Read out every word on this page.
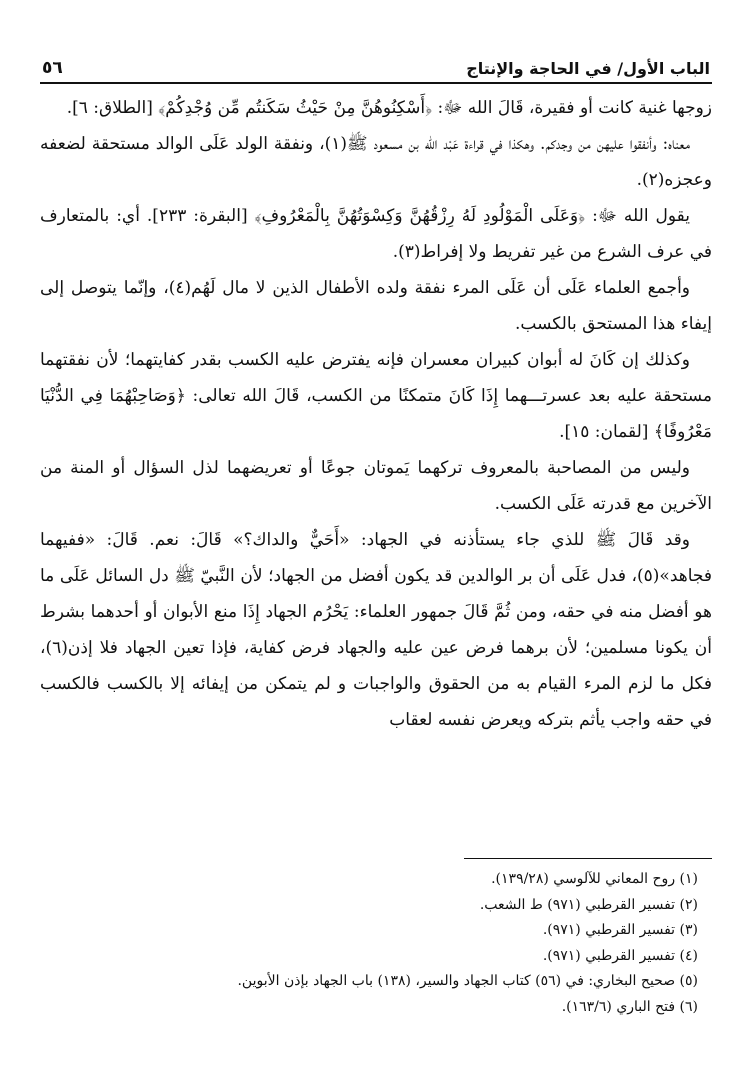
الباب الأول/ في الحاجة والإنتاج
٥٦

زوجها غنية كانت أو فقيرة، قَالَ الله ﷻ: ﴿أَسْكِنُوهُنَّ مِنْ حَيْثُ سَكَنتُم مِّن وُجْدِكُمْ﴾ [الطلاق: ٦].

معناه: وأنفقوا عليهن من وجدكم. وهكذا في قراءة عَبْد الله بن مسعود ﷺ(١)، ونفقة الولد عَلَى الوالد مستحقة لضعفه وعجزه(٢).

يقول الله ﷻ: ﴿وَعَلَى الْمَوْلُودِ لَهُ رِزْقُهُنَّ وَكِسْوَتُهُنَّ بِالْمَعْرُوفِ﴾ [البقرة: ٢٣٣]. أي: بالمتعارف في عرف الشرع من غير تفريط ولا إفراط(٣).

وأجمع العلماء عَلَى أن عَلَى المرء نفقة ولده الأطفال الذين لا مال لَهُم(٤)، وإنّما يتوصل إلى إيفاء هذا المستحق بالكسب.

وكذلك إن كَانَ له أبوان كبيران معسران فإنه يفترض عليه الكسب بقدر كفايتهما؛ لأن نفقتهما مستحقة عليه بعد عسرتـــهما إِذَا كَانَ متمكنًا من الكسب، قَالَ الله تعالى: ﴿وَصَاحِبْهُمَا فِي الدُّنْيَا مَعْرُوفًا﴾ [لقمان: ١٥].

وليس من المصاحبة بالمعروف تركهما يَموتان جوعًا أو تعريضهما لذل السؤال أو المنة من الآخرين مع قدرته عَلَى الكسب.

وقد قَالَ ﷺ للذي جاء يستأذنه في الجهاد: «أَحَيٌّ والداك؟» قَالَ: نعم. قَالَ: «ففيهما فجاهد»(٥)، فدل عَلَى أن بر الوالدين قد يكون أفضل من الجهاد؛ لأن النَّبيّ ﷺ دل السائل عَلَى ما هو أفضل منه في حقه، ومن ثُمَّ قَالَ جمهور العلماء: يَحْرُم الجهاد إِذَا منع الأبوان أو أحدهما بشرط أن يكونا مسلمين؛ لأن برهما فرض عين عليه والجهاد فرض كفاية، فإذا تعين الجهاد فلا إذن(٦)، فكل ما لزم المرء القيام به من الحقوق والواجبات و لم يتمكن من إيفائه إلا بالكسب فالكسب في حقه واجب يأثم بتركه ويعرض نفسه لعقاب

(١) روح المعاني للآلوسي (١٣٩/٢٨).
(٢) تفسير القرطبي (٩٧١) ط الشعب.
(٣) تفسير القرطبي (٩٧١).
(٤) تفسير القرطبي (٩٧١).
(٥) صحيح البخاري: في (٥٦) كتاب الجهاد والسير، (١٣٨) باب الجهاد بإذن الأبوين.
(٦) فتح الباري (١٦٣/٦).
